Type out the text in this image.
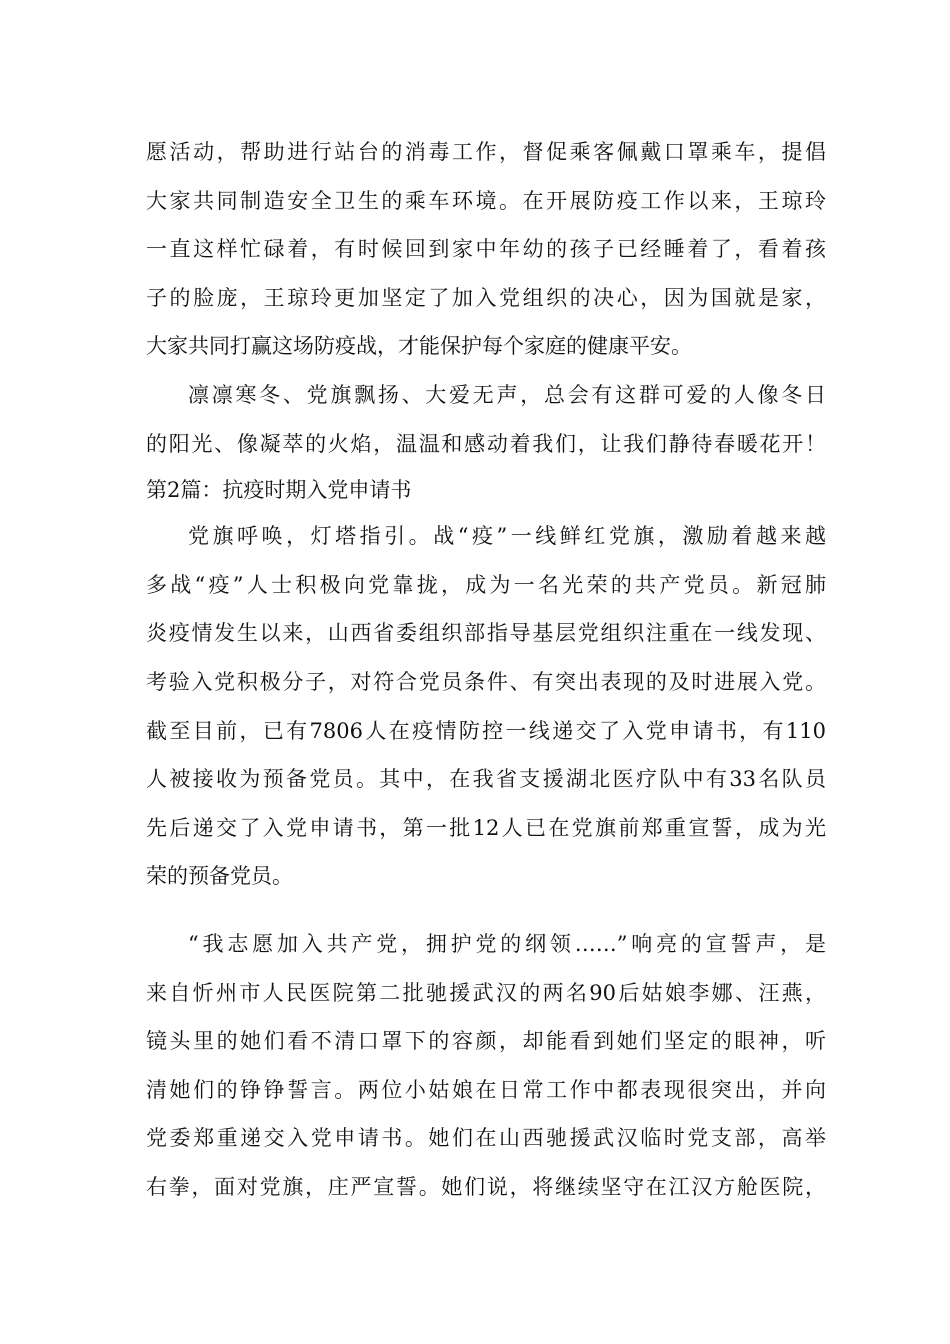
愿活动，帮助进行站台的消毒工作，督促乘客佩戴口罩乘车，提倡
大家共同制造安全卫生的乘车环境。在开展防疫工作以来，王琼玲
一直这样忙碌着，有时候回到家中年幼的孩子已经睡着了，看着孩
子的脸庞，王琼玲更加坚定了加入党组织的决心，因为国就是家，
大家共同打赢这场防疫战，才能保护每个家庭的健康平安。
凛凛寒冬、党旗飘扬、大爱无声，总会有这群可爱的人像冬日
的阳光、像凝萃的火焰，温温和感动着我们，让我们静待春暖花开！
第2篇：抗疫时期入党申请书
党旗呼唤，灯塔指引。战“疫”一线鲜红党旗，激励着越来越
多战“疫”人士积极向党靠拢，成为一名光荣的共产党员。新冠肺
炎疫情发生以来，山西省委组织部指导基层党组织注重在一线发现、
考验入党积极分子，对符合党员条件、有突出表现的及时进展入党。
截至目前，已有7806人在疫情防控一线递交了入党申请书，有110
人被接收为预备党员。其中，在我省支援湖北医疗队中有33名队员
先后递交了入党申请书，第一批12人已在党旗前郑重宣誓，成为光
荣的预备党员。
“我志愿加入共产党，拥护党的纲领……”响亮的宣誓声，是
来自忻州市人民医院第二批驰援武汉的两名90后姑娘李娜、汪燕，
镜头里的她们看不清口罩下的容颜，却能看到她们坚定的眼神，听
清她们的铮铮誓言。两位小姑娘在日常工作中都表现很突出，并向
党委郑重递交入党申请书。她们在山西驰援武汉临时党支部，高举
右拳，面对党旗，庄严宣誓。她们说，将继续坚守在江汉方舱医院，
